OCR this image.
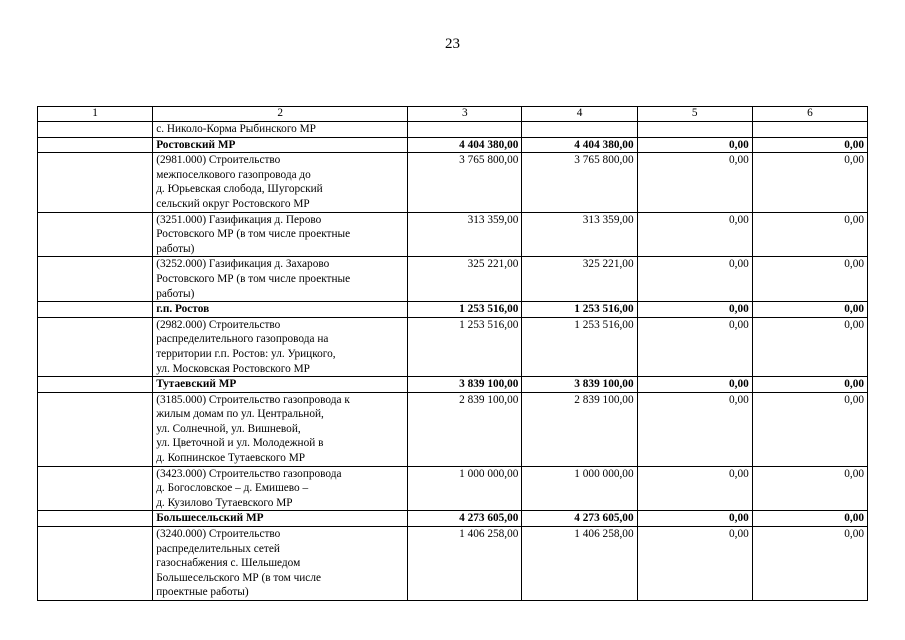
23
1	2	3	4	5	6
	с. Николо-Корма Рыбинского МР				
	Ростовский МР	4 404 380,00	4 404 380,00	0,00	0,00
	(2981.000) Строительство
межпоселкового газопровода до
д. Юрьевская слобода, Шугорский
сельский округ Ростовского МР	3 765 800,00	3 765 800,00	0,00	0,00
	(3251.000) Газификация д. Перово
Ростовского МР (в том числе проектные
работы)	313 359,00	313 359,00	0,00	0,00
	(3252.000) Газификация д. Захарово
Ростовского МР (в том числе проектные
работы)	325 221,00	325 221,00	0,00	0,00
	г.п. Ростов	1 253 516,00	1 253 516,00	0,00	0,00
	(2982.000) Строительство
распределительного газопровода на
территории г.п. Ростов: ул. Урицкого,
ул. Московская Ростовского МР	1 253 516,00	1 253 516,00	0,00	0,00
	Тутаевский МР	3 839 100,00	3 839 100,00	0,00	0,00
	(3185.000) Строительство газопровода к
жилым домам по ул. Центральной,
ул. Солнечной, ул. Вишневой,
ул. Цветочной и ул. Молодежной в
д. Копнинское Тутаевского МР	2 839 100,00	2 839 100,00	0,00	0,00
	(3423.000) Строительство газопровода
д. Богословское – д. Емишево –
д. Кузилово Тутаевского МР	1 000 000,00	1 000 000,00	0,00	0,00
	Большесельский МР	4 273 605,00	4 273 605,00	0,00	0,00
	(3240.000) Строительство
распределительных сетей
газоснабжения с. Шельшедом
Большесельского МР (в том числе
проектные работы)	1 406 258,00	1 406 258,00	0,00	0,00
